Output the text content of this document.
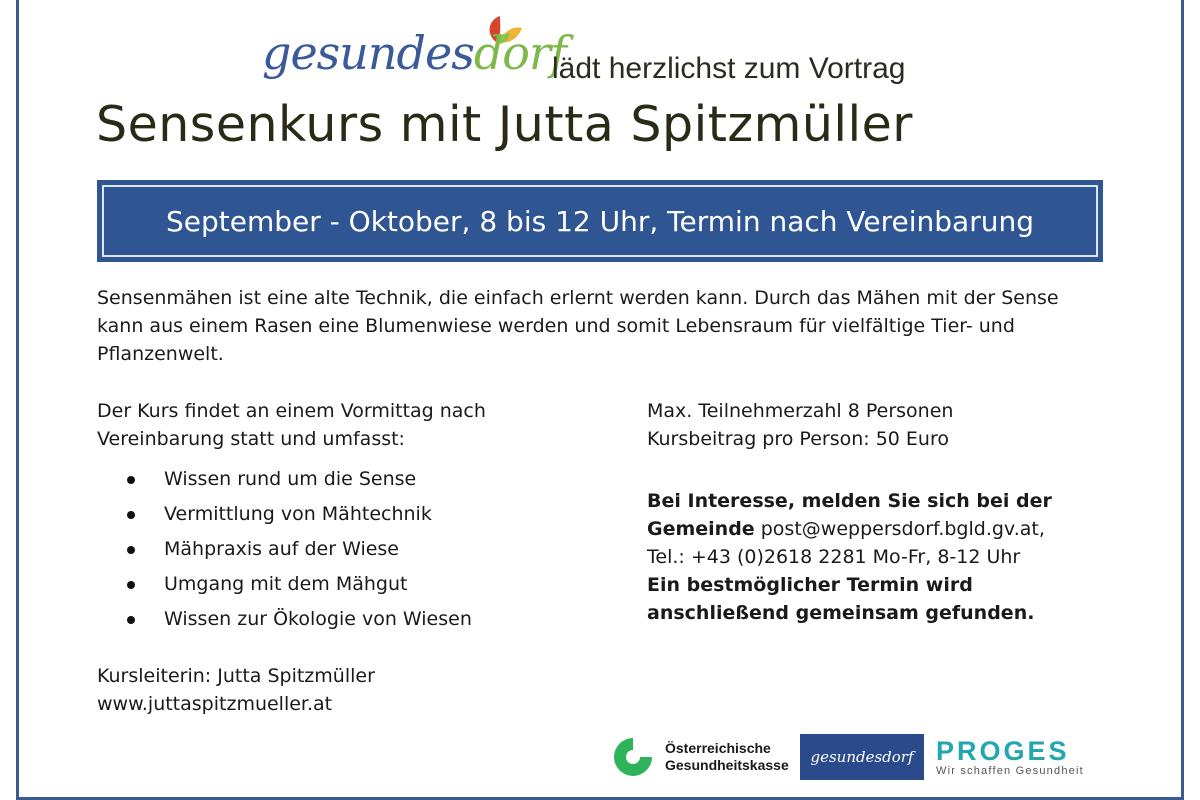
gesundesdorf
lädt herzlichst zum Vortrag
Sensenkurs mit Jutta Spitzmüller
September - Oktober, 8 bis 12 Uhr, Termin nach Vereinbarung

Sensenmähen ist eine alte Technik, die einfach erlernt werden kann. Durch das Mähen mit der Sense kann aus einem Rasen eine Blumenwiese werden und somit Lebensraum für vielfältige Tier- und Pflanzenwelt.

Der Kurs findet an einem Vormittag nach
Vereinbarung statt und umfasst:
Wissen rund um die Sense
Vermittlung von Mähtechnik
Mähpraxis auf der Wiese
Umgang mit dem Mähgut
Wissen zur Ökologie von Wiesen
Kursleiterin: Jutta Spitzmüller
www.juttaspitzmueller.at
Max. Teilnehmerzahl 8 Personen
Kursbeitrag pro Person: 50 Euro
Bei Interesse, melden Sie sich bei der
Gemeinde post@weppersdorf.bgld.gv.at,
Tel.: +43 (0)2618 2281 Mo-Fr, 8-12 Uhr
Ein bestmöglicher Termin wird
anschließend gemeinsam gefunden.
Österreichische
Gesundheitskasse gesundesdorf PROGES
Wir schaffen Gesundheit
